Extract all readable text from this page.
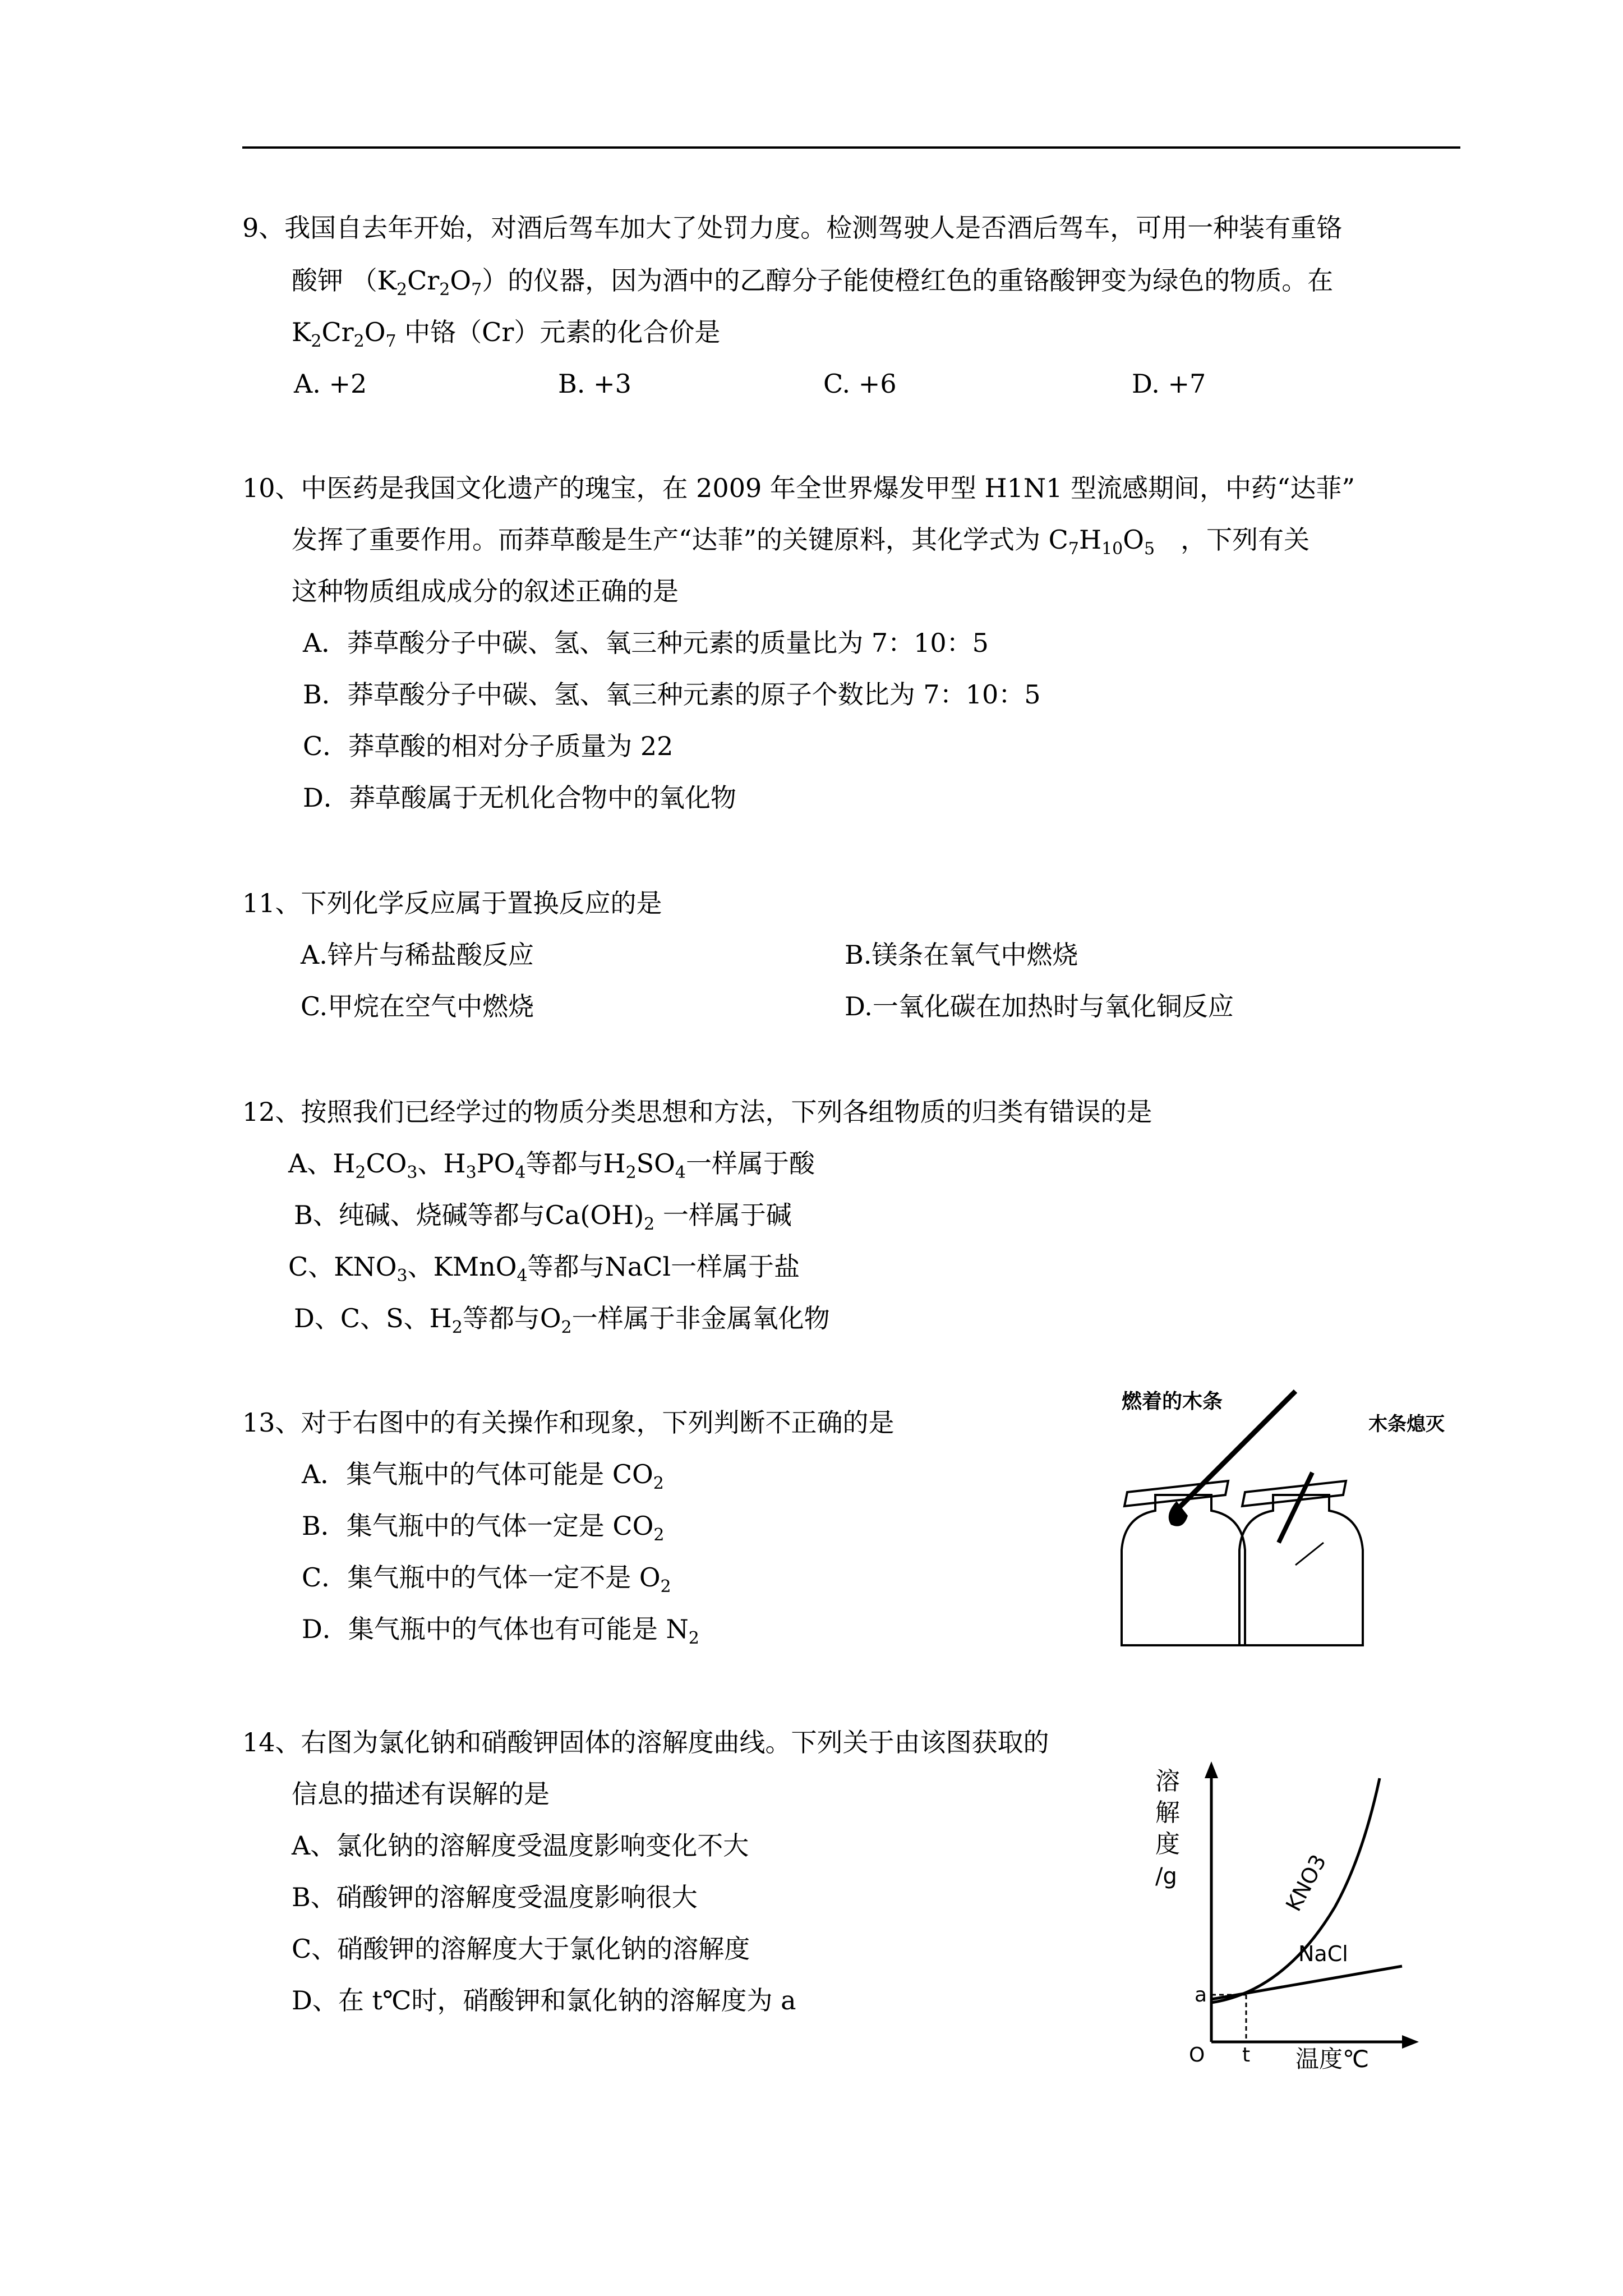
9、我国自去年开始，对酒后驾车加大了处罚力度。检测驾驶人是否酒后驾车，可用一种装有重铬
酸钾 $(K_2Cr_2O_7)$的仪器，因为酒中的乙醇分子能使橙红色的重铬酸钾变为绿色的物质。在
$K_2Cr_2O_7$ 中铬（Cr）元素的化合价是
A. +2	B. +3	C. +6	D. +7
10、中医药是我国文化遗产的瑰宝，在 2009 年全世界爆发甲型 H1N1 型流感期间，中药“达菲”
发挥了重要作用。而莽草酸是生产“达菲”的关键原料，其化学式为 $C_7H_{10}O_5$ ，下列有关
这种物质组成成分的叙述正确的是
A．莽草酸分子中碳、氢、氧三种元素的质量比为 7：10：5
B．莽草酸分子中碳、氢、氧三种元素的原子个数比为 7：10：5
C．莽草酸的相对分子质量为 22
D．莽草酸属于无机化合物中的氧化物
11、下列化学反应属于置换反应的是
A.锌片与稀盐酸反应	B.镁条在氧气中燃烧
C.甲烷在空气中燃烧	D.一氧化碳在加热时与氧化铜反应
12、按照我们已经学过的物质分类思想和方法，下列各组物质的归类有错误的是
A、$H_2CO_3$、$H_3PO_4$等都与$H_2SO_4$一样属于酸
B、纯碱、烧碱等都与$Ca(OH)_2$ 一样属于碱
C、$KNO_3$、KMnO$_4$等都与NaCl一样属于盐
D、C、S、$H_2$等都与$O_2$一样属于非金属氧化物
13、对于右图中的有关操作和现象，下列判断不正确的是
A．集气瓶中的气体可能是 $CO_2$
B．集气瓶中的气体一定是 $CO_2$
C．集气瓶中的气体一定不是 $O_2$
D．集气瓶中的气体也有可能是 $N_2$
燃着的木条
木条熄灭
14、右图为氯化钠和硝酸钾固体的溶解度曲线。下列关于由该图获取的
信息的描述有误解的是
A、氯化钠的溶解度受温度影响变化不大
B、硝酸钾的溶解度受温度影响很大
C、硝酸钾的溶解度大于氯化钠的溶解度
D、在 t℃时，硝酸钾和氯化钠的溶解度为 a
溶
解
度
/g
O t 温度℃
a
KNO3
NaCl
